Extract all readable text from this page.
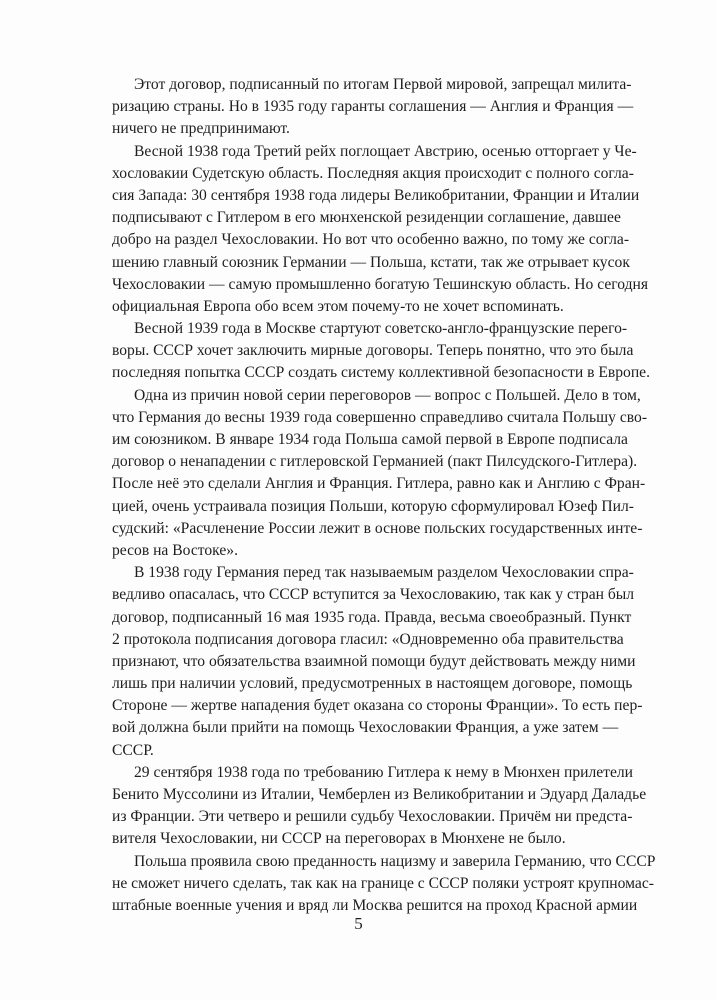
Этот договор, подписанный по итогам Первой мировой, запрещал милита-
ризацию страны. Но в 1935 году гаранты соглашения — Англия и Франция —
ничего не предпринимают.
Весной 1938 года Третий рейх поглощает Австрию, осенью отторгает у Че-
хословакии Судетскую область. Последняя акция происходит с полного согла-
сия Запада: 30 сентября 1938 года лидеры Великобритании, Франции и Италии
подписывают с Гитлером в его мюнхенской резиденции соглашение, давшее
добро на раздел Чехословакии. Но вот что особенно важно, по тому же согла-
шению главный союзник Германии — Польша, кстати, так же отрывает кусок
Чехословакии — самую промышленно богатую Тешинскую область. Но сегодня
официальная Европа обо всем этом почему-то не хочет вспоминать.
Весной 1939 года в Москве стартуют советско-англо-французские перего-
воры. СССР хочет заключить мирные договоры. Теперь понятно, что это была
последняя попытка СССР создать систему коллективной безопасности в Европе.
Одна из причин новой серии переговоров — вопрос с Польшей. Дело в том,
что Германия до весны 1939 года совершенно справедливо считала Польшу сво-
им союзником. В январе 1934 года Польша самой первой в Европе подписала
договор о ненападении с гитлеровской Германией (пакт Пилсудского-Гитлера).
После неё это сделали Англия и Франция. Гитлера, равно как и Англию с Фран-
цией, очень устраивала позиция Польши, которую сформулировал Юзеф Пил-
судский: «Расчленение России лежит в основе польских государственных инте-
ресов на Востоке».
В 1938 году Германия перед так называемым разделом Чехословакии спра-
ведливо опасалась, что СССР вступится за Чехословакию, так как у стран был
договор, подписанный 16 мая 1935 года. Правда, весьма своеобразный. Пункт
2 протокола подписания договора гласил: «Одновременно оба правительства
признают, что обязательства взаимной помощи будут действовать между ними
лишь при наличии условий, предусмотренных в настоящем договоре, помощь
Стороне — жертве нападения будет оказана со стороны Франции». То есть пер-
вой должна были прийти на помощь Чехословакии Франция, а уже затем —
СССР.
29 сентября 1938 года по требованию Гитлера к нему в Мюнхен прилетели
Бенито Муссолини из Италии, Чемберлен из Великобритании и Эдуард Даладье
из Франции. Эти четверо и решили судьбу Чехословакии. Причём ни предста-
вителя Чехословакии, ни СССР на переговорах в Мюнхене не было.
Польша проявила свою преданность нацизму и заверила Германию, что СССР
не сможет ничего сделать, так как на границе с СССР поляки устроят крупномас-
штабные военные учения и вряд ли Москва решится на проход Красной армии
5
